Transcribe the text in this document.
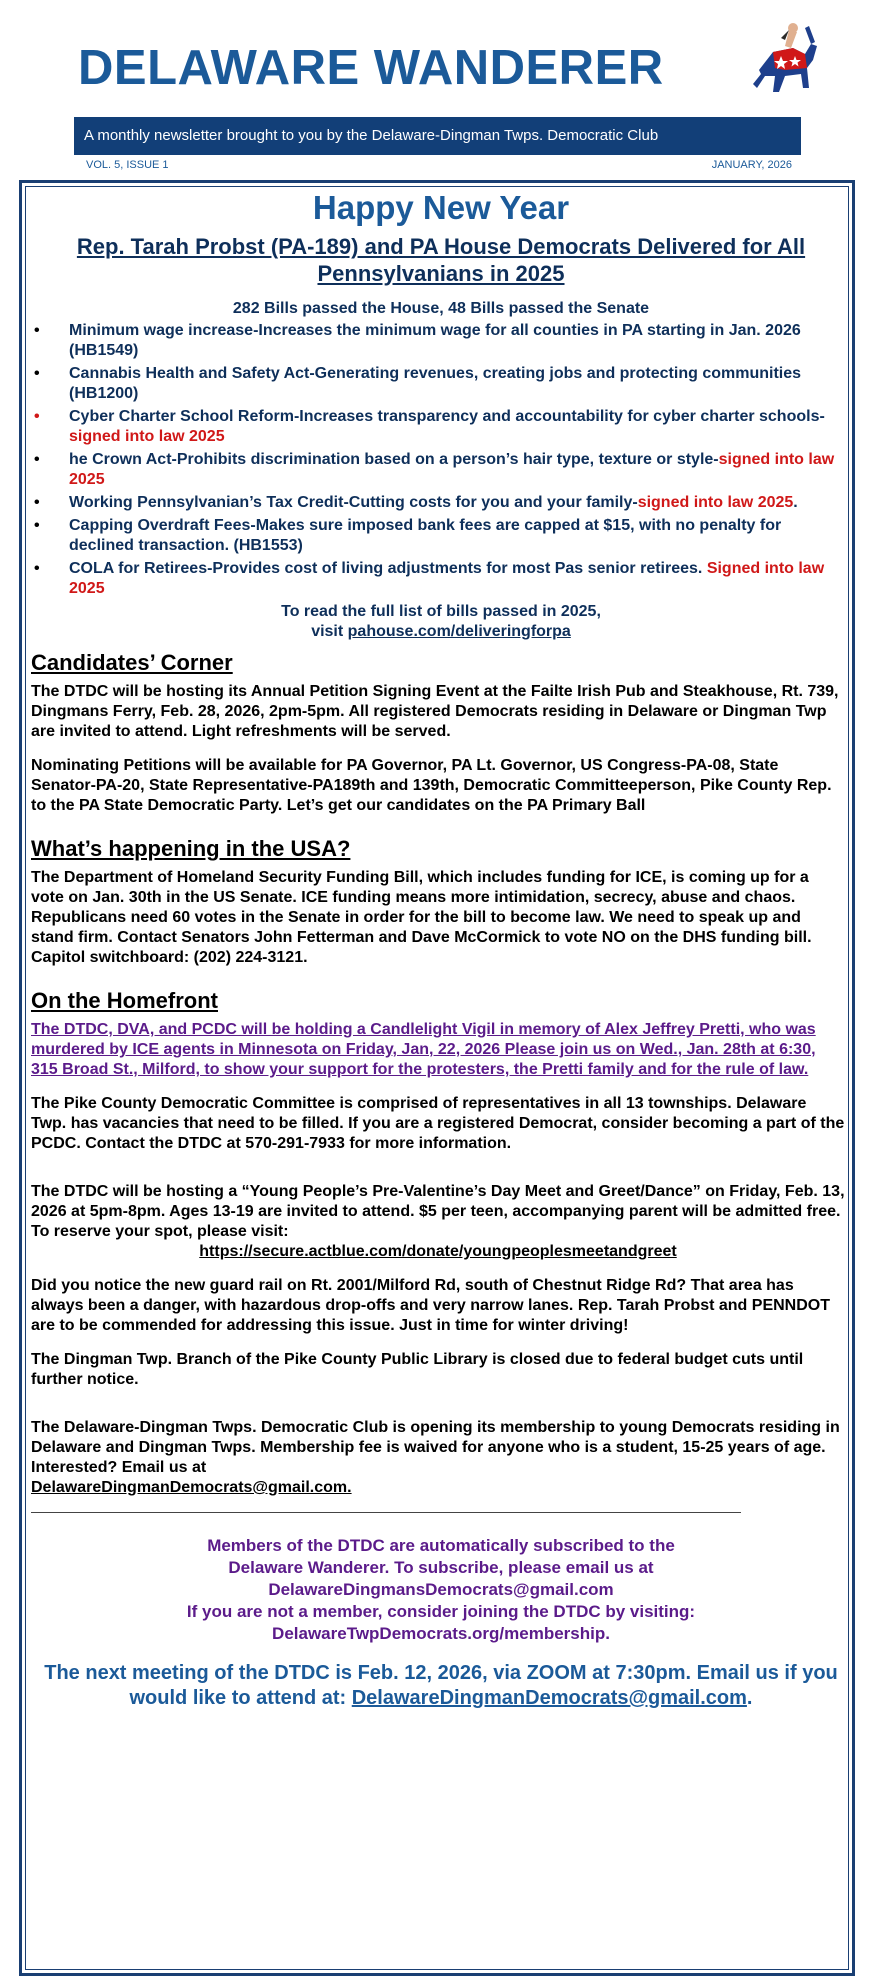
DELAWARE WANDERER
A monthly newsletter brought to you by the Delaware-Dingman Twps. Democratic Club
VOL. 5, ISSUE 1	JANUARY, 2026
Happy New Year
Rep. Tarah Probst (PA-189) and PA House Democrats Delivered for All Pennsylvanians in 2025
282 Bills passed the House, 48 Bills passed the Senate
• Minimum wage increase-Increases the minimum wage for all counties in PA starting in Jan. 2026 (HB1549)
• Cannabis Health and Safety Act-Generating revenues, creating jobs and protecting communities (HB1200)
• Cyber Charter School Reform-Increases transparency and accountability for cyber charter schools-signed into law 2025
• he Crown Act-Prohibits discrimination based on a person’s hair type, texture or style-signed into law 2025
• Working Pennsylvanian’s Tax Credit-Cutting costs for you and your family-signed into law 2025.
• Capping Overdraft Fees-Makes sure imposed bank fees are capped at $15, with no penalty for declined transaction. (HB1553)
• COLA for Retirees-Provides cost of living adjustments for most Pas senior retirees. Signed into law 2025
To read the full list of bills passed in 2025,
visit pahouse.com/deliveringforpa
Candidates’ Corner

The DTDC will be hosting its Annual Petition Signing Event at the Failte Irish Pub and Steakhouse, Rt. 739, Dingmans Ferry, Feb. 28, 2026, 2pm-5pm. All registered Democrats residing in Delaware or Dingman Twp are invited to attend. Light refreshments will be served.

Nominating Petitions will be available for PA Governor, PA Lt. Governor, US Congress-PA-08, State Senator-PA-20, State Representative-PA189th and 139th, Democratic Committeeperson, Pike County Rep. to the PA State Democratic Party. Let’s get our candidates on the PA Primary Ball

What’s happening in the USA?

The Department of Homeland Security Funding Bill, which includes funding for ICE, is coming up for a vote on Jan. 30th in the US Senate. ICE funding means more intimidation, secrecy, abuse and chaos. Republicans need 60 votes in the Senate in order for the bill to become law. We need to speak up and stand firm. Contact Senators John Fetterman and Dave McCormick to vote NO on the DHS funding bill. Capitol switchboard: (202) 224-3121.

On the Homefront

The DTDC, DVA, and PCDC will be holding a Candlelight Vigil in memory of Alex Jeffrey Pretti, who was murdered by ICE agents in Minnesota on Friday, Jan, 22, 2026 Please join us on Wed., Jan. 28th at 6:30, 315 Broad St., Milford, to show your support for the protesters, the Pretti family and for the rule of law.

The Pike County Democratic Committee is comprised of representatives in all 13 townships. Delaware Twp. has vacancies that need to be filled. If you are a registered Democrat, consider becoming a part of the PCDC. Contact the DTDC at 570-291-7933 for more information.

The DTDC will be hosting a “Young People’s Pre-Valentine’s Day Meet and Greet/Dance” on Friday, Feb. 13, 2026 at 5pm-8pm. Ages 13-19 are invited to attend. $5 per teen, accompanying parent will be admitted free. To reserve your spot, please visit:
https://secure.actblue.com/donate/youngpeoplesmeetandgreet

Did you notice the new guard rail on Rt. 2001/Milford Rd, south of Chestnut Ridge Rd? That area has always been a danger, with hazardous drop-offs and very narrow lanes. Rep. Tarah Probst and PENNDOT are to be commended for addressing this issue. Just in time for winter driving!

The Dingman Twp. Branch of the Pike County Public Library is closed due to federal budget cuts until further notice.

The Delaware-Dingman Twps. Democratic Club is opening its membership to young Democrats residing in Delaware and Dingman Twps. Membership fee is waived for anyone who is a student, 15-25 years of age. Interested? Email us at
DelawareDingmanDemocrats@gmail.com.

Members of the DTDC are automatically subscribed to the
Delaware Wanderer. To subscribe, please email us at
DelawareDingmansDemocrats@gmail.com
If you are not a member, consider joining the DTDC by visiting:
DelawareTwpDemocrats.org/membership.
The next meeting of the DTDC is Feb. 12, 2026, via ZOOM at 7:30pm. Email us if you would like to attend at: DelawareDingmanDemocrats@gmail.com.
